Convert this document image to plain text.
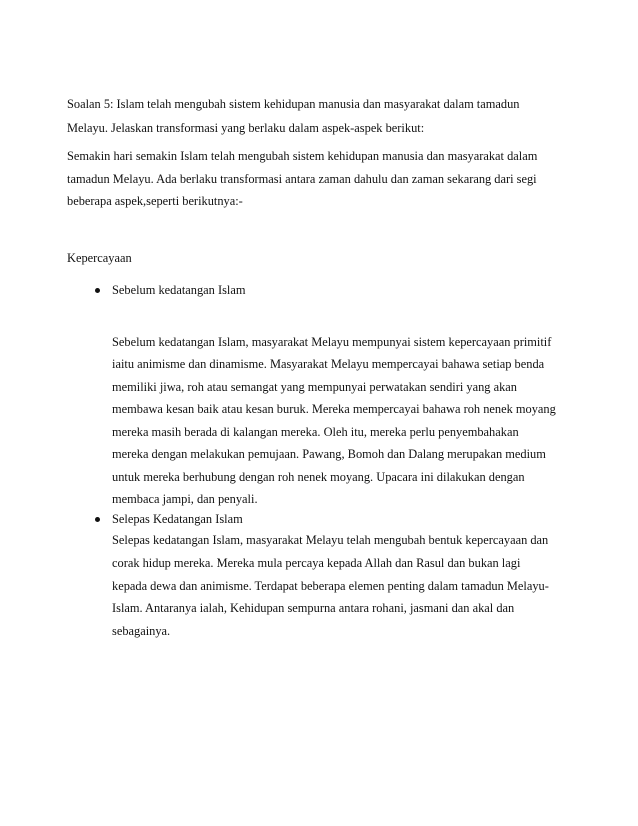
Soalan 5: Islam telah mengubah sistem kehidupan manusia dan masyarakat dalam tamadun
Melayu. Jelaskan transformasi yang berlaku dalam aspek-aspek berikut:
Semakin hari semakin Islam telah mengubah sistem kehidupan manusia dan masyarakat dalam
tamadun Melayu. Ada berlaku transformasi antara zaman dahulu dan zaman sekarang dari segi
beberapa aspek,seperti berikutnya:-
Kepercayaan
Sebelum kedatangan Islam
Sebelum kedatangan Islam, masyarakat Melayu mempunyai sistem kepercayaan primitif
iaitu animisme dan dinamisme. Masyarakat Melayu mempercayai bahawa setiap benda
memiliki jiwa, roh atau semangat yang mempunyai perwatakan sendiri yang akan
membawa kesan baik atau kesan buruk. Mereka mempercayai bahawa roh nenek moyang
mereka masih berada di kalangan mereka. Oleh itu, mereka perlu penyembahakan
mereka dengan melakukan pemujaan. Pawang, Bomoh dan Dalang merupakan medium
untuk mereka berhubung dengan roh nenek moyang. Upacara ini dilakukan dengan
membaca jampi, dan penyali.
Selepas Kedatangan Islam
Selepas kedatangan Islam, masyarakat Melayu telah mengubah bentuk kepercayaan dan
corak hidup mereka. Mereka mula percaya kepada Allah dan Rasul dan bukan lagi
kepada dewa dan animisme. Terdapat beberapa elemen penting dalam tamadun Melayu-
Islam. Antaranya ialah, Kehidupan sempurna antara rohani, jasmani dan akal dan
sebagainya.
